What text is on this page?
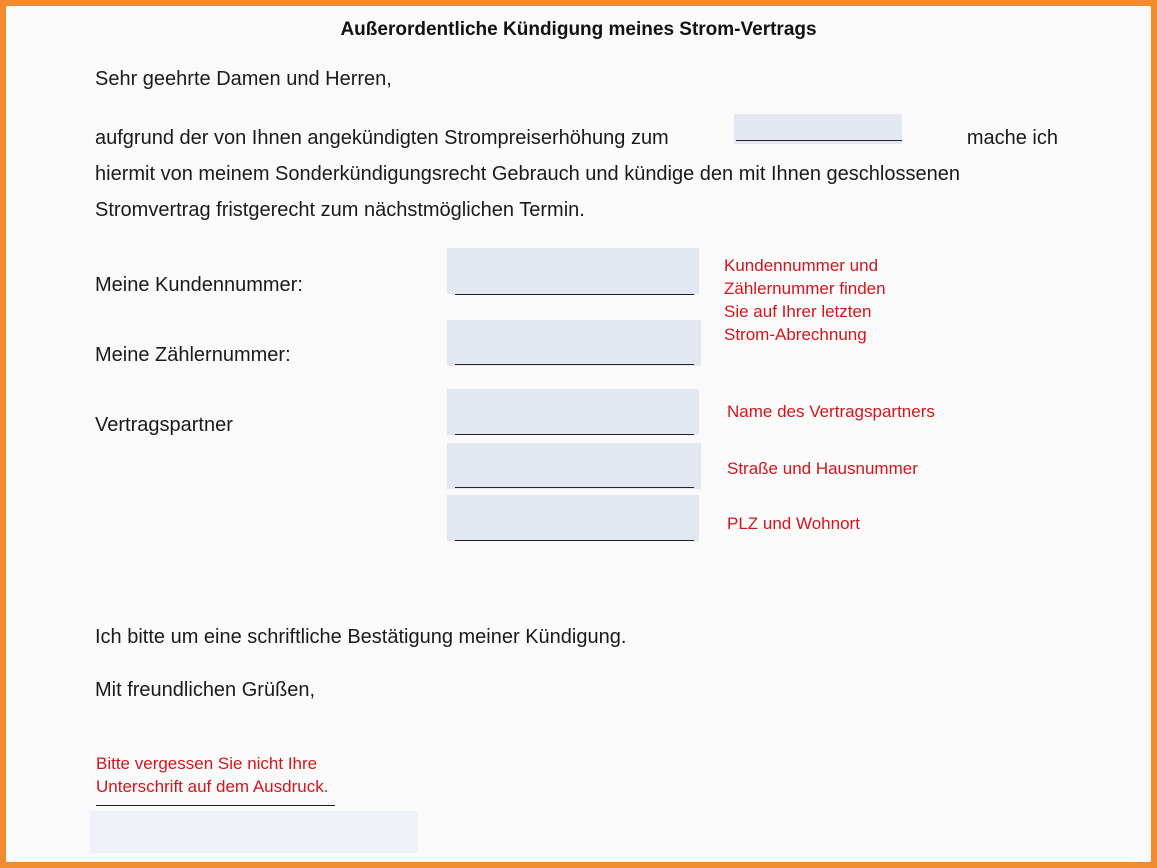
Außerordentliche Kündigung meines Strom-Vertrags
Sehr geehrte Damen und Herren,
aufgrund der von Ihnen angekündigten Strompreiserhöhung zum	mache ich
hiermit von meinem Sonderkündigungsrecht Gebrauch und kündige den mit Ihnen geschlossenen
Stromvertrag fristgerecht zum nächstmöglichen Termin.
Meine Kundennummer:
Meine Zählernummer:
Vertragspartner
Kundennummer und
Zählernummer finden
Sie auf Ihrer letzten
Strom-Abrechnung
Name des Vertragspartners
Straße und Hausnummer
PLZ und Wohnort
Ich bitte um eine schriftliche Bestätigung meiner Kündigung.
Mit freundlichen Grüßen,
Bitte vergessen Sie nicht Ihre
Unterschrift auf dem Ausdruck.
